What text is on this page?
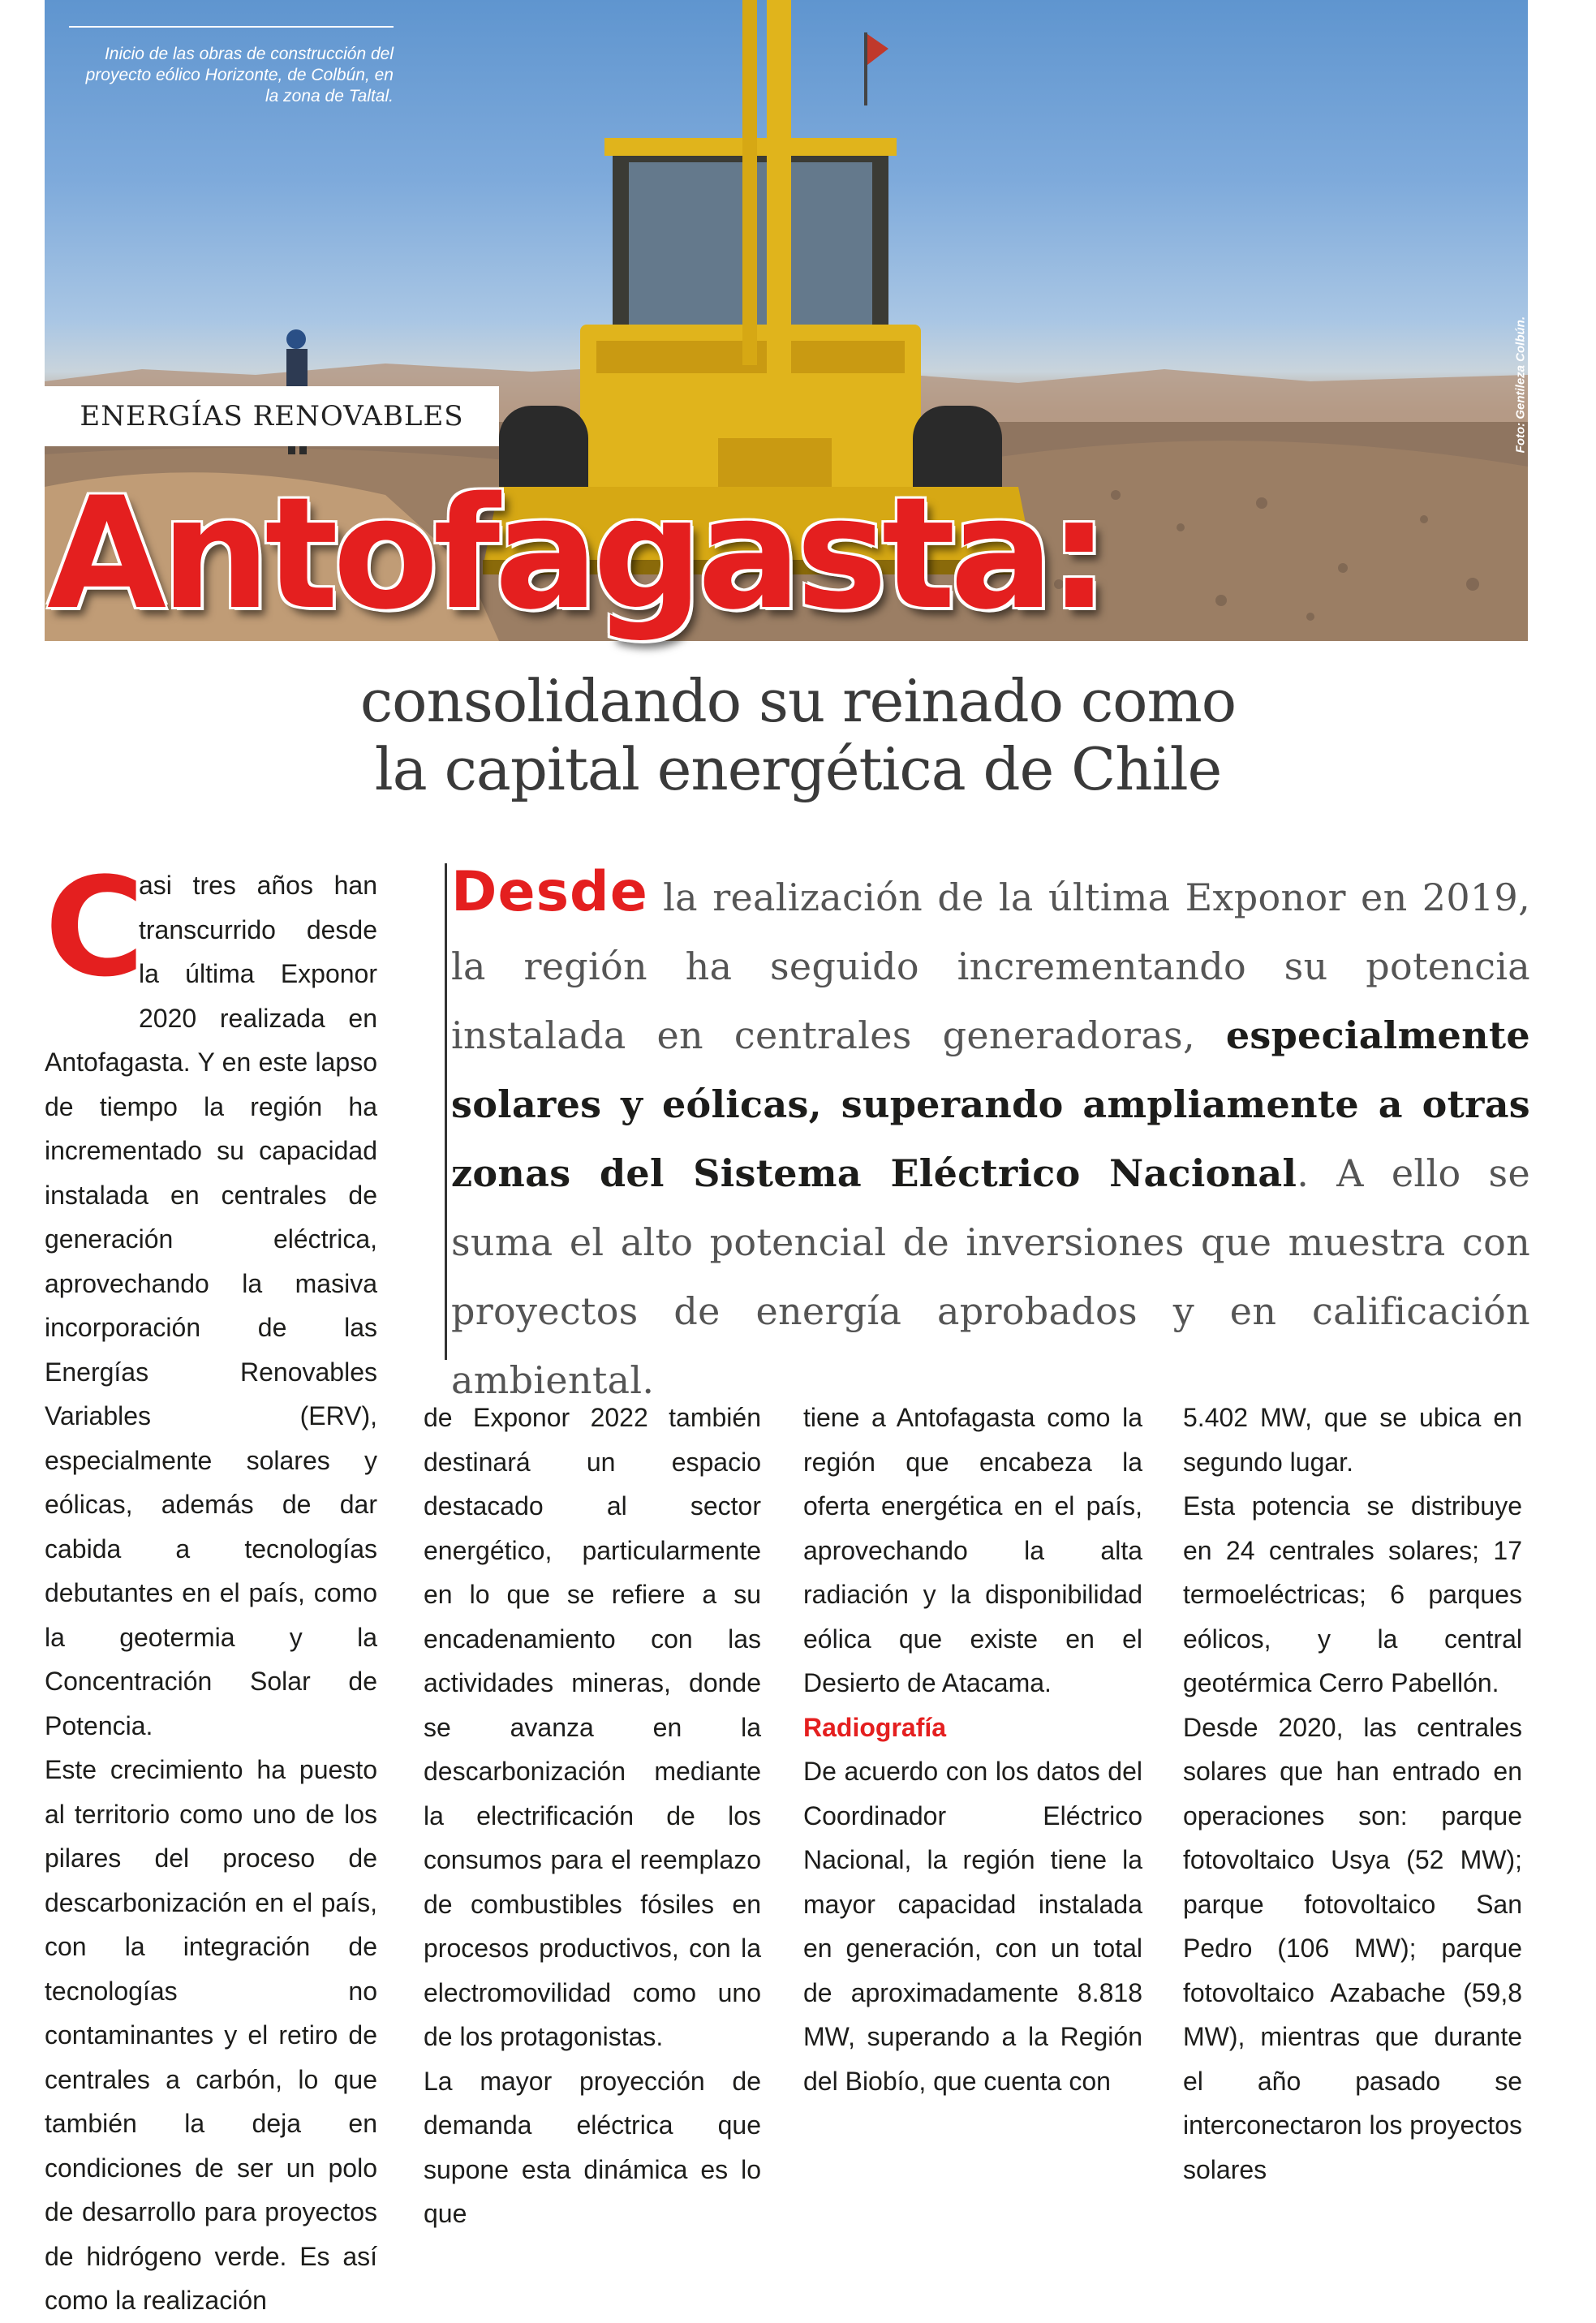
Inicio de las obras de construcción del proyecto eólico Horizonte, de Colbún, en la zona de Taltal.
Foto: Gentileza Colbún.
ENERGÍAS RENOVABLES
Antofagasta:
consolidando su reinado como
la capital energética de Chile

Desde la realización de la última Exponor en 2019, la región ha seguido incrementando su potencia instalada en centrales generadoras, especialmente solares y eólicas, superando ampliamente a otras zonas del Sistema Eléctrico Nacional. A ello se suma el alto potencial de inversiones que muestra con proyectos de energía aprobados y en calificación ambiental.

C

asi tres años han transcurrido desde la última Exponor 2020 realizada en Antofagasta. Y en este lapso de tiempo la región ha incrementado su capacidad instalada en centrales de generación eléctrica, aprovechando la masiva incorporación de las Energías Renovables Variables (ERV), especialmente solares y eólicas, además de dar cabida a tecnologías debutantes en el país, como la geotermia y la Concentración Solar de Potencia.

Este crecimiento ha puesto al territorio como uno de los pilares del proceso de descarbonización en el país, con la integración de tecnologías no contaminantes y el retiro de centrales a carbón, lo que también la deja en condiciones de ser un polo de desarrollo para proyectos de hidrógeno verde. Es así como la realización

de Exponor 2022 también destinará un espacio destacado al sector energético, particularmente en lo que se refiere a su encadenamiento con las actividades mineras, donde se avanza en la descarbonización mediante la electrificación de los consumos para el reemplazo de combustibles fósiles en procesos productivos, con la electromovilidad como uno de los protagonistas.

La mayor proyección de demanda eléctrica que supone esta dinámica es lo que

tiene a Antofagasta como la región que encabeza la oferta energética en el país, aprovechando la alta radiación y la disponibilidad eólica que existe en el Desierto de Atacama.

Radiografía

De acuerdo con los datos del Coordinador Eléctrico Nacional, la región tiene la mayor capacidad instalada en generación, con un total de aproximadamente 8.818 MW, superando a la Región del Biobío, que cuenta con

5.402 MW, que se ubica en segundo lugar.

Esta potencia se distribuye en 24 centrales solares; 17 termoeléctricas; 6 parques eólicos, y la central geotérmica Cerro Pabellón.

Desde 2020, las centrales solares que han entrado en operaciones son: parque fotovoltaico Usya (52 MW); parque fotovoltaico San Pedro (106 MW); parque fotovoltaico Azabache (59,8 MW), mientras que durante el año pasado se interconectaron los proyectos solares
